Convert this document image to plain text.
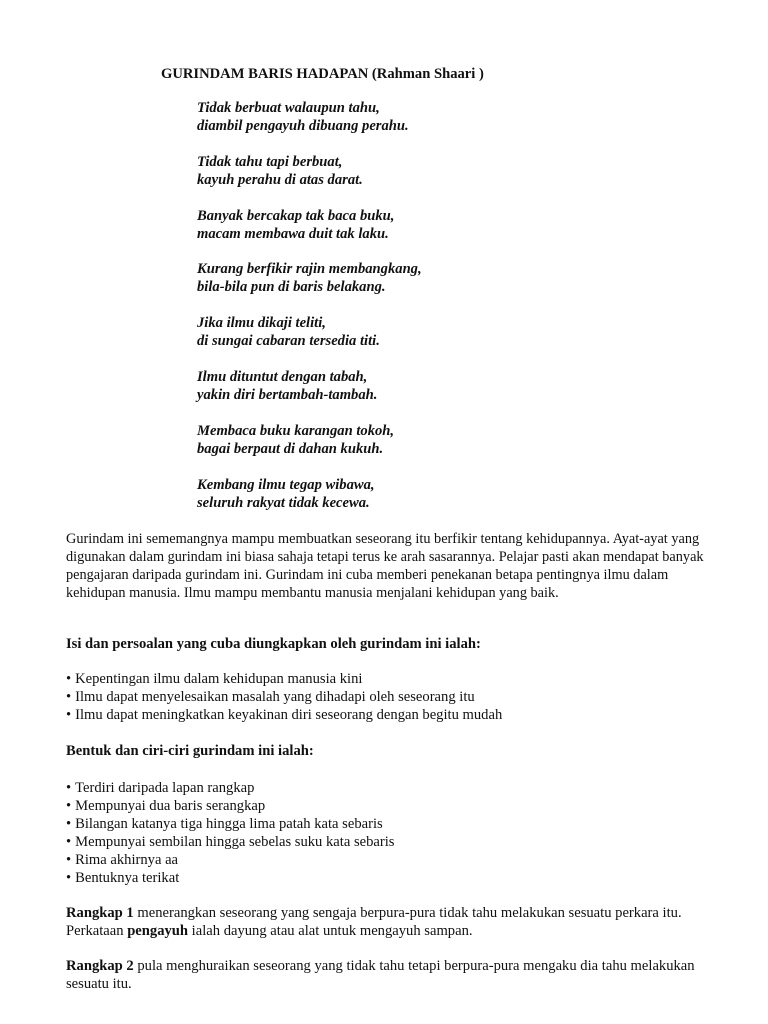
GURINDAM BARIS HADAPAN (Rahman Shaari )
Tidak berbuat walaupun tahu,
diambil pengayuh dibuang perahu.
Tidak tahu tapi berbuat,
kayuh perahu di atas darat.
Banyak bercakap tak baca buku,
macam membawa duit tak laku.
Kurang berfikir rajin membangkang,
bila-bila pun di baris belakang.
Jika ilmu dikaji teliti,
di sungai cabaran tersedia titi.
Ilmu dituntut dengan tabah,
yakin diri bertambah-tambah.
Membaca buku karangan tokoh,
bagai berpaut di dahan kukuh.
Kembang ilmu tegap wibawa,
seluruh rakyat tidak kecewa.

Gurindam ini sememangnya mampu membuatkan seseorang itu berfikir tentang kehidupannya. Ayat-ayat yang digunakan dalam gurindam ini biasa sahaja tetapi terus ke arah sasarannya. Pelajar pasti akan mendapat banyak pengajaran daripada gurindam ini. Gurindam ini cuba memberi penekanan betapa pentingnya ilmu dalam kehidupan manusia. Ilmu mampu membantu manusia menjalani kehidupan yang baik.

Isi dan persoalan yang cuba diungkapkan oleh gurindam ini ialah:

• Kepentingan ilmu dalam kehidupan manusia kini
• Ilmu dapat menyelesaikan masalah yang dihadapi oleh seseorang itu
• Ilmu dapat meningkatkan keyakinan diri seseorang dengan begitu mudah

Bentuk dan ciri-ciri gurindam ini ialah:

• Terdiri daripada lapan rangkap
• Mempunyai dua baris serangkap
• Bilangan katanya tiga hingga lima patah kata sebaris
• Mempunyai sembilan hingga sebelas suku kata sebaris
• Rima akhirnya aa
• Bentuknya terikat

Rangkap 1 menerangkan seseorang yang sengaja berpura-pura tidak tahu melakukan sesuatu perkara itu. Perkataan pengayuh ialah dayung atau alat untuk mengayuh sampan.

Rangkap 2 pula menghuraikan seseorang yang tidak tahu tetapi berpura-pura mengaku dia tahu melakukan sesuatu itu.
